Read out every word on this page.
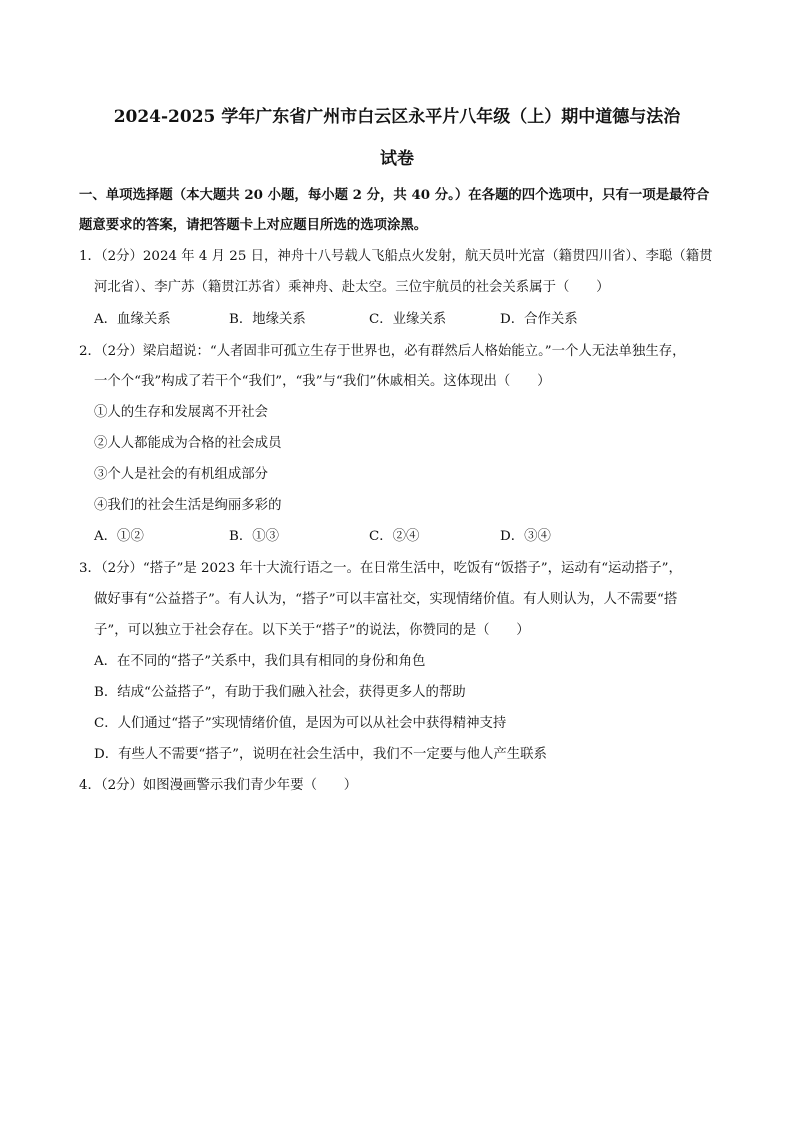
2024-2025 学年广东省广州市白云区永平片八年级（上）期中道德与法治
试卷
一、单项选择题（本大题共 20 小题，每小题 2 分，共 40 分。）在各题的四个选项中，只有一项是最符合
题意要求的答案，请把答题卡上对应题目所选的选项涂黑。
1．（2分）2024 年 4 月 25 日，神舟十八号载人飞船点火发射，航天员叶光富（籍贯四川省）、李聪（籍贯
河北省）、李广苏（籍贯江苏省）乘神舟、赴太空。三位宇航员的社会关系属于（　　）
A．血缘关系	B．地缘关系	C．业缘关系	D．合作关系
2．（2分）梁启超说：“人者固非可孤立生存于世界也，必有群然后人格始能立。”一个人无法单独生存，
一个个“我”构成了若干个“我们”，“我”与“我们”休戚相关。这体现出（　　）
①人的生存和发展离不开社会
②人人都能成为合格的社会成员
③个人是社会的有机组成部分
④我们的社会生活是绚丽多彩的
A．①②	B．①③	C．②④	D．③④
3．（2分）“搭子”是 2023 年十大流行语之一。在日常生活中，吃饭有“饭搭子”，运动有“运动搭子”，
做好事有“公益搭子”。有人认为，“搭子”可以丰富社交，实现情绪价值。有人则认为，人不需要“搭
子”，可以独立于社会存在。以下关于“搭子”的说法，你赞同的是（　　）
A．在不同的“搭子”关系中，我们具有相同的身份和角色
B．结成“公益搭子”，有助于我们融入社会，获得更多人的帮助
C．人们通过“搭子”实现情绪价值，是因为可以从社会中获得精神支持
D．有些人不需要“搭子”，说明在社会生活中，我们不一定要与他人产生联系
4．（2分）如图漫画警示我们青少年要（　　）
